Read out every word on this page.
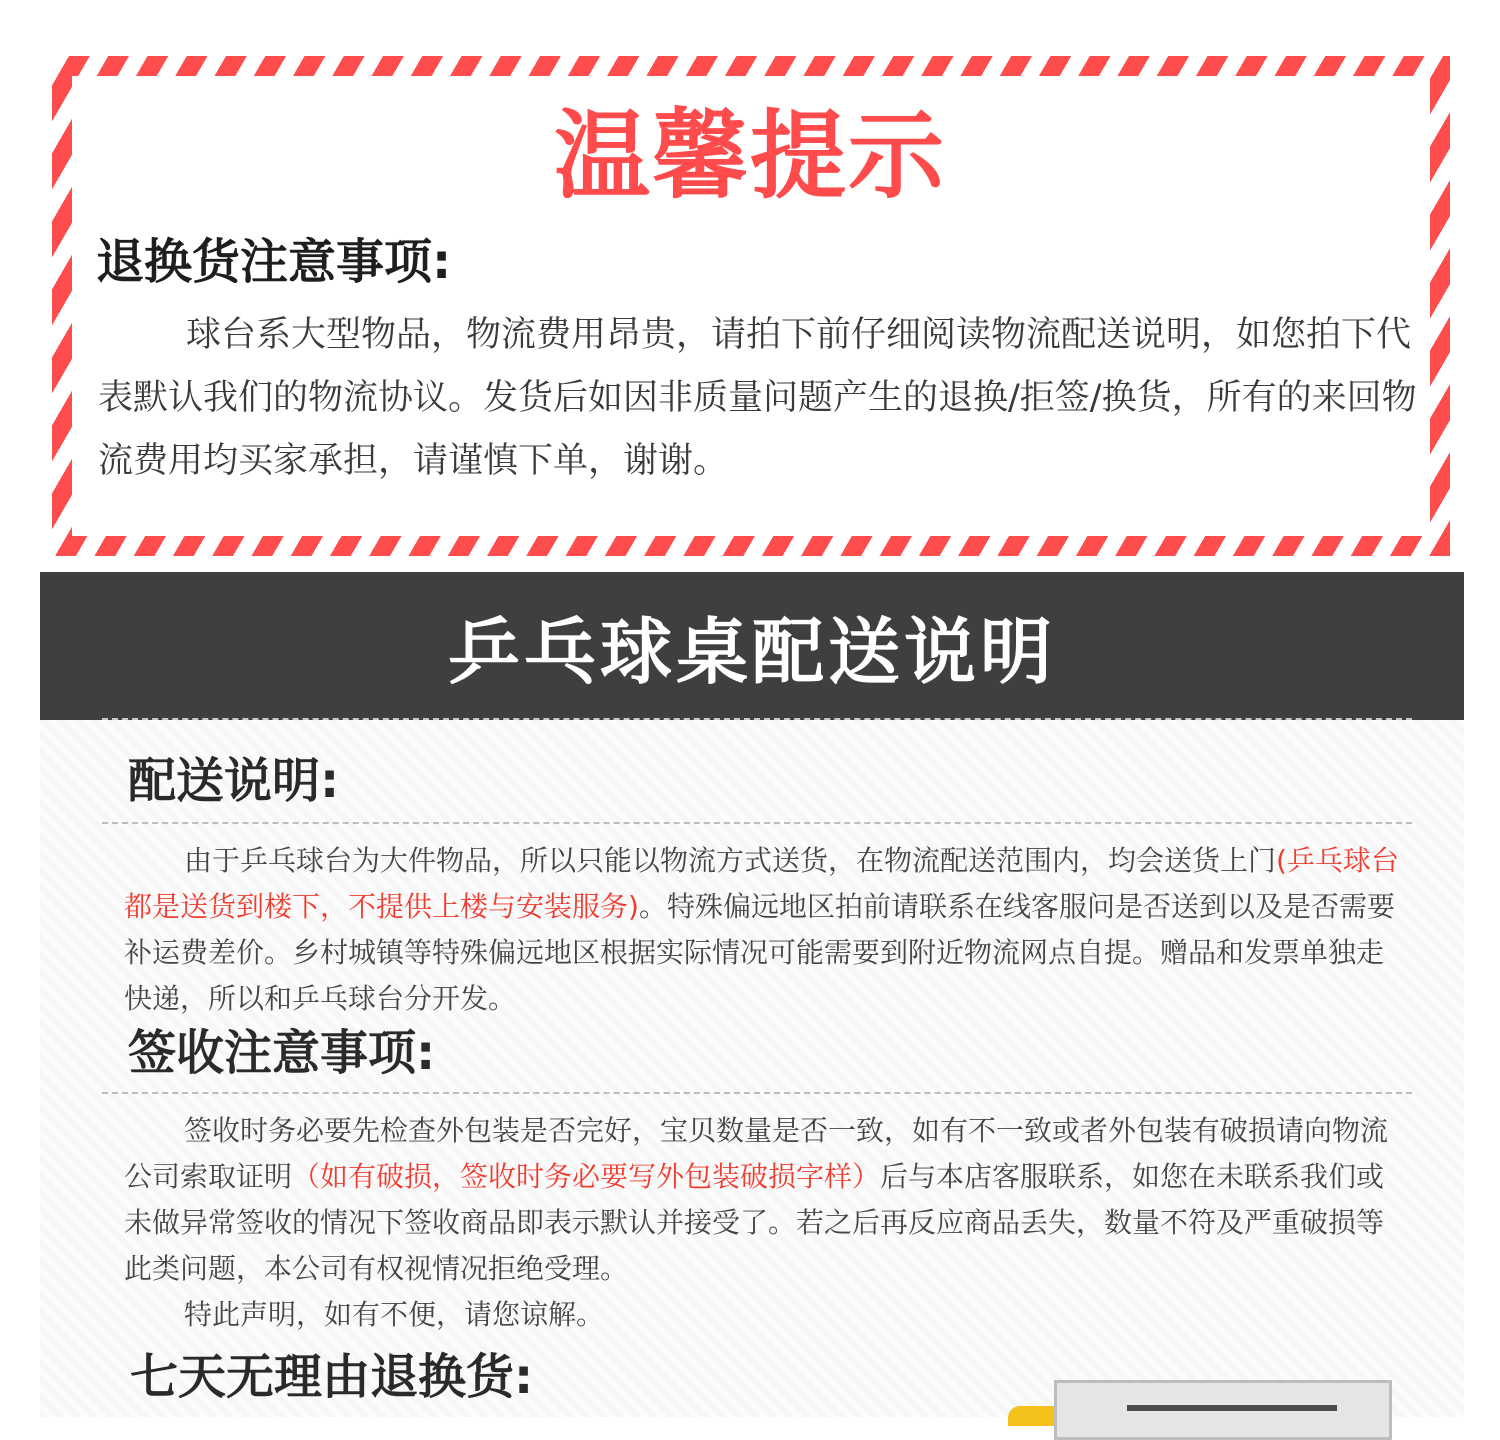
温馨提示
退换货注意事项:

球台系大型物品，物流费用昂贵，请拍下前仔细阅读物流配送说明，如您拍下代表默认我们的物流协议。发货后如因非质量问题产生的退换/拒签/换货，所有的来回物流费用均买家承担，请谨慎下单，谢谢。

乒乓球桌配送说明
配送说明:

由于乒乓球台为大件物品，所以只能以物流方式送货，在物流配送范围内，均会送货上门(乒乓球台都是送货到楼下，不提供上楼与安装服务)。特殊偏远地区拍前请联系在线客服问是否送到以及是否需要补运费差价。乡村城镇等特殊偏远地区根据实际情况可能需要到附近物流网点自提。赠品和发票单独走快递，所以和乒乓球台分开发。

签收注意事项:

签收时务必要先检查外包装是否完好，宝贝数量是否一致，如有不一致或者外包装有破损请向物流公司索取证明（如有破损，签收时务必要写外包装破损字样）后与本店客服联系，如您在未联系我们或未做异常签收的情况下签收商品即表示默认并接受了。若之后再反应商品丢失，数量不符及严重破损等此类问题，本公司有权视情况拒绝受理。
特此声明，如有不便，请您谅解。

七天无理由退换货:
